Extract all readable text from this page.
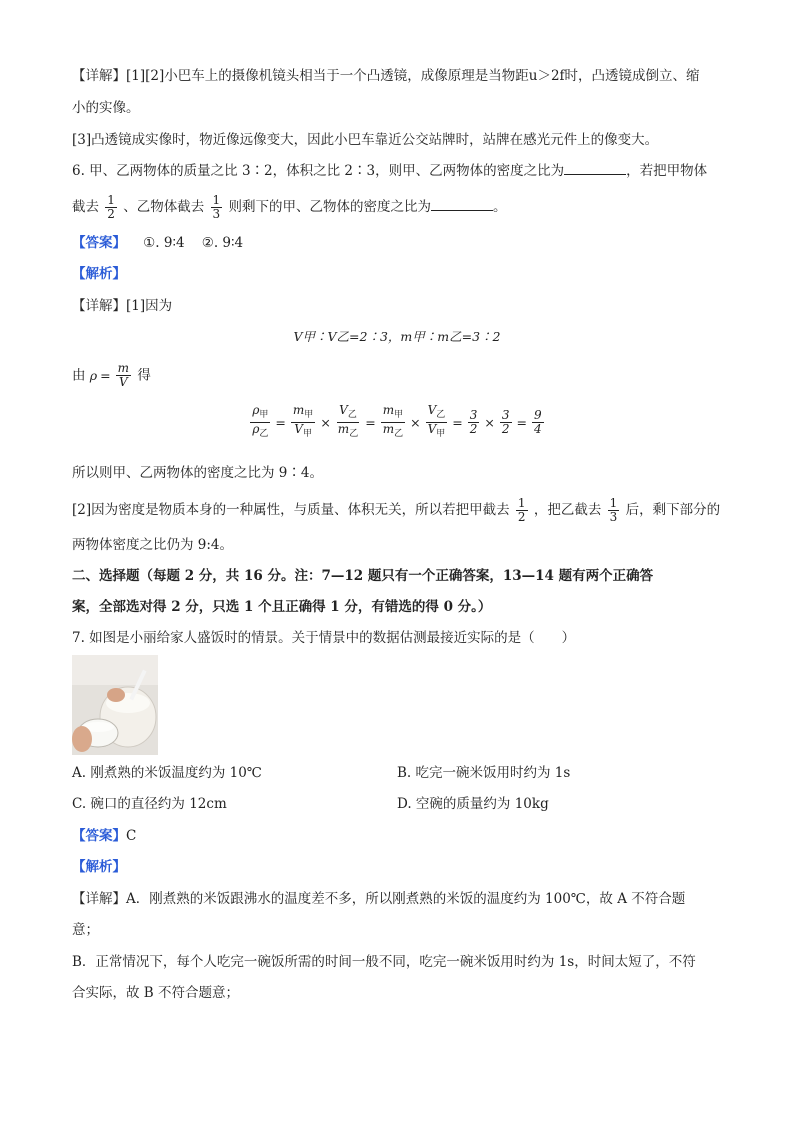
【详解】[1][2]小巴车上的摄像机镜头相当于一个凸透镜，成像原理是当物距u＞2f时，凸透镜成倒立、缩
小的实像。
[3]凸透镜成实像时，物近像远像变大，因此小巴车靠近公交站牌时，站牌在感光元件上的像变大。
6. 甲、乙两物体的质量之比 3∶2，体积之比 2∶3，则甲、乙两物体的密度之比为	，若把甲物体
截去 $\frac{1}{2}$ 、乙物体截去 $\frac{1}{3}$ 则剩下的甲、乙物体的密度之比为	。
【答案】 ①. 9∶4 ②. 9∶4
【解析】
【详解】[1]因为
V甲∶V乙=2∶3，m甲∶m乙=3∶2
由 $\rho = \frac{m}{V}$ 得
$\frac{\rho_甲}{\rho_乙} = \frac{m_甲}{V_甲} \times \frac{V_乙}{m_乙} = \frac{m_甲}{m_乙} \times \frac{V_乙}{V_甲} = \frac{3}{2} \times \frac{3}{2} = \frac{9}{4}$
所以则甲、乙两物体的密度之比为 9∶4。
[2]因为密度是物质本身的一种属性，与质量、体积无关，所以若把甲截去 $\frac{1}{2}$ ，把乙截去 $\frac{1}{3}$ 后，剩下部分的
两物体密度之比仍为 9:4。
二、选择题（每题 2 分，共 16 分。注：7—12 题只有一个正确答案，13—14 题有两个正确答
案，全部选对得 2 分，只选 1 个且正确得 1 分，有错选的得 0 分。）
7. 如图是小丽给家人盛饭时的情景。关于情景中的数据估测最接近实际的是（　　）
A. 刚煮熟的米饭温度约为 10℃	B. 吃完一碗米饭用时约为 1s
C. 碗口的直径约为 12cm	D. 空碗的质量约为 10kg
【答案】C
【解析】
【详解】A．刚煮熟的米饭跟沸水的温度差不多，所以刚煮熟的米饭的温度约为 100℃，故 A 不符合题
意；
B．正常情况下，每个人吃完一碗饭所需的时间一般不同，吃完一碗米饭用时约为 1s，时间太短了，不符
合实际，故 B 不符合题意；
